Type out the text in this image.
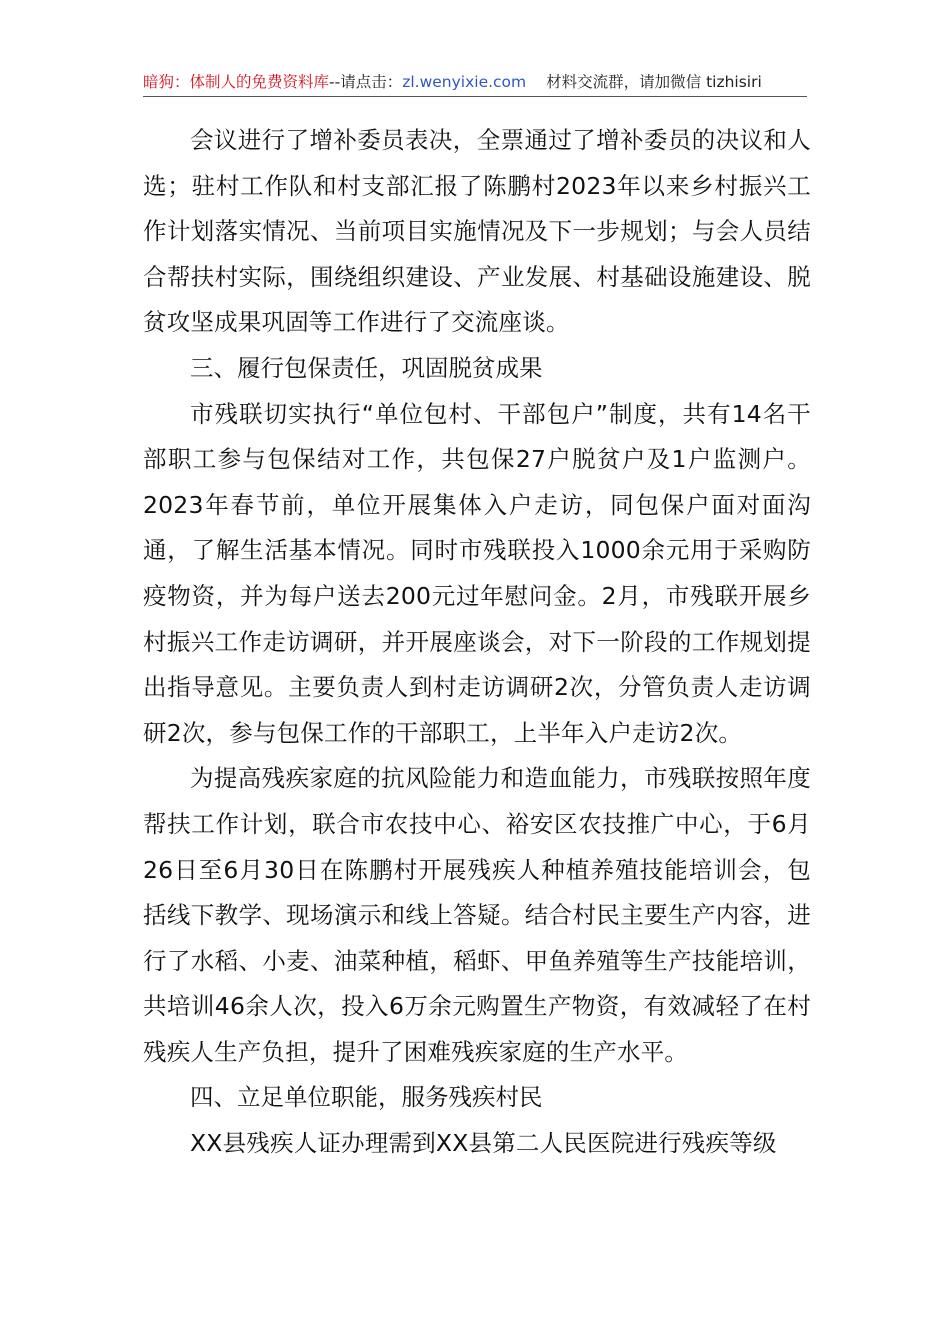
暗狗：体制人的免费资料库--请点击：zl.wenyixie.com 材料交流群，请加微信 tizhisiri

会议进行了增补委员表决，全票通过了增补委员的决议和人选；驻村工作队和村支部汇报了陈鹏村2023年以来乡村振兴工作计划落实情况、当前项目实施情况及下一步规划；与会人员结合帮扶村实际，围绕组织建设、产业发展、村基础设施建设、脱贫攻坚成果巩固等工作进行了交流座谈。

三、履行包保责任，巩固脱贫成果

市残联切实执行“单位包村、干部包户”制度，共有14名干部职工参与包保结对工作，共包保27户脱贫户及1户监测户。2023年春节前，单位开展集体入户走访，同包保户面对面沟通，了解生活基本情况。同时市残联投入1000余元用于采购防疫物资，并为每户送去200元过年慰问金。2月，市残联开展乡村振兴工作走访调研，并开展座谈会，对下一阶段的工作规划提出指导意见。主要负责人到村走访调研2次，分管负责人走访调研2次，参与包保工作的干部职工，上半年入户走访2次。

为提高残疾家庭的抗风险能力和造血能力，市残联按照年度帮扶工作计划，联合市农技中心、裕安区农技推广中心，于6月26日至6月30日在陈鹏村开展残疾人种植养殖技能培训会，包括线下教学、现场演示和线上答疑。结合村民主要生产内容，进行了水稻、小麦、油菜种植，稻虾、甲鱼养殖等生产技能培训，共培训46余人次，投入6万余元购置生产物资，有效减轻了在村残疾人生产负担，提升了困难残疾家庭的生产水平。

四、立足单位职能，服务残疾村民

XX县残疾人证办理需到XX县第二人民医院进行残疾等级
